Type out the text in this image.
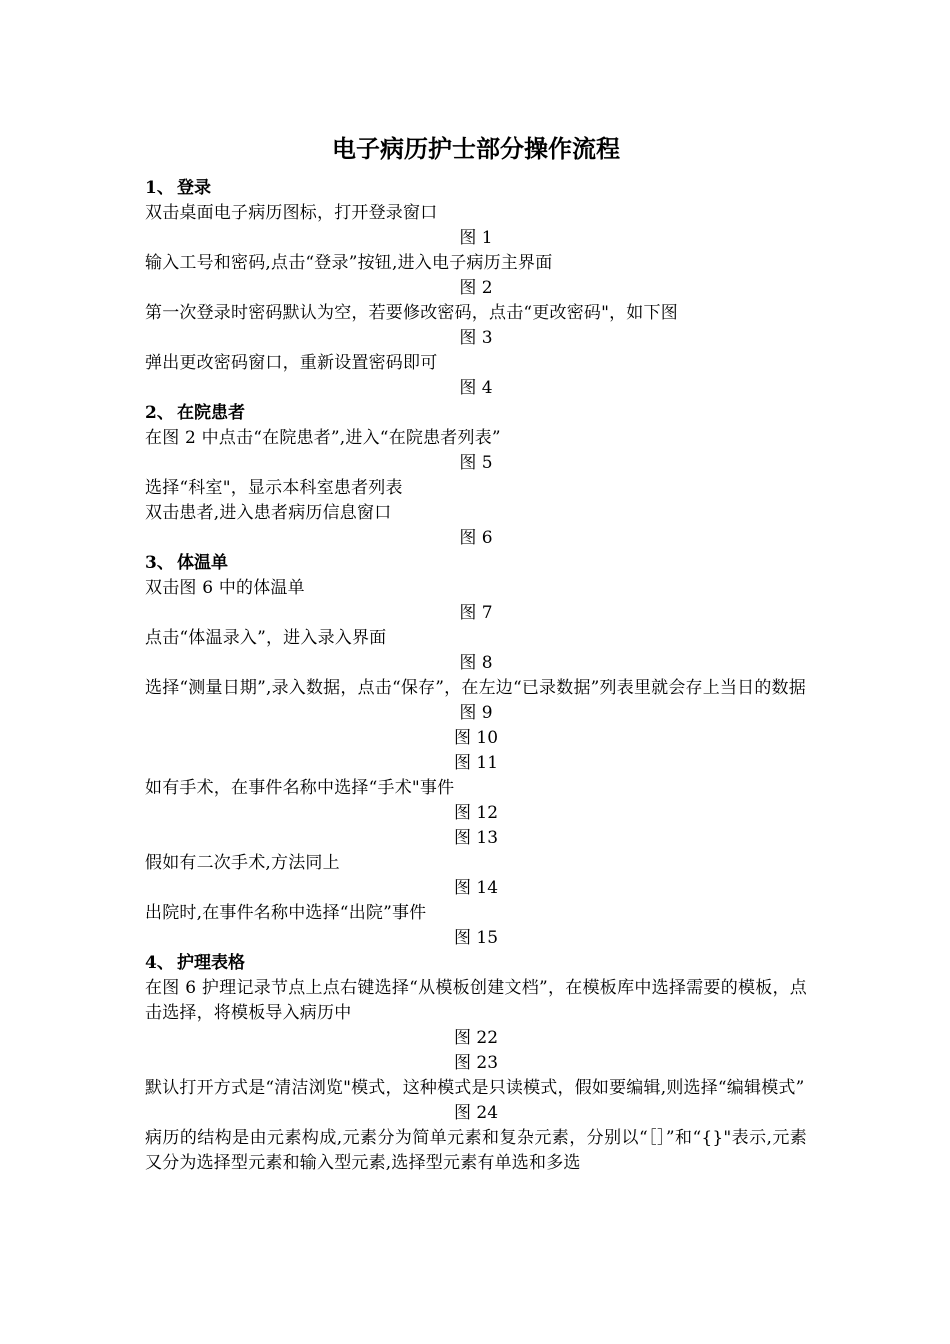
电子病历护士部分操作流程
1、 登录
双击桌面电子病历图标，打开登录窗口
图 1
输入工号和密码,点击“登录”按钮,进入电子病历主界面
图 2
第一次登录时密码默认为空，若要修改密码，点击“更改密码"，如下图
图 3
弹出更改密码窗口，重新设置密码即可
图 4
2、 在院患者
在图 2 中点击“在院患者”,进入“在院患者列表”
图 5
选择“科室"，显示本科室患者列表
双击患者,进入患者病历信息窗口
图 6
3、 体温单
双击图 6 中的体温单
图 7
点击“体温录入”，进入录入界面
图 8
选择“测量日期”,录入数据，点击“保存”，在左边“已录数据”列表里就会存上当日的数据
图 9
图 10
图 11
如有手术，在事件名称中选择“手术"事件
图 12
图 13
假如有二次手术,方法同上
图 14
出院时,在事件名称中选择“出院”事件
图 15
4、 护理表格
在图 6 护理记录节点上点右键选择“从模板创建文档”，在模板库中选择需要的模板，点击选择，将模板导入病历中
图 22
图 23
默认打开方式是“清洁浏览"模式，这种模式是只读模式，假如要编辑,则选择“编辑模式”
图 24
病历的结构是由元素构成,元素分为简单元素和复杂元素，分别以“［］”和“{}"表示,元素又分为选择型元素和输入型元素,选择型元素有单选和多选
